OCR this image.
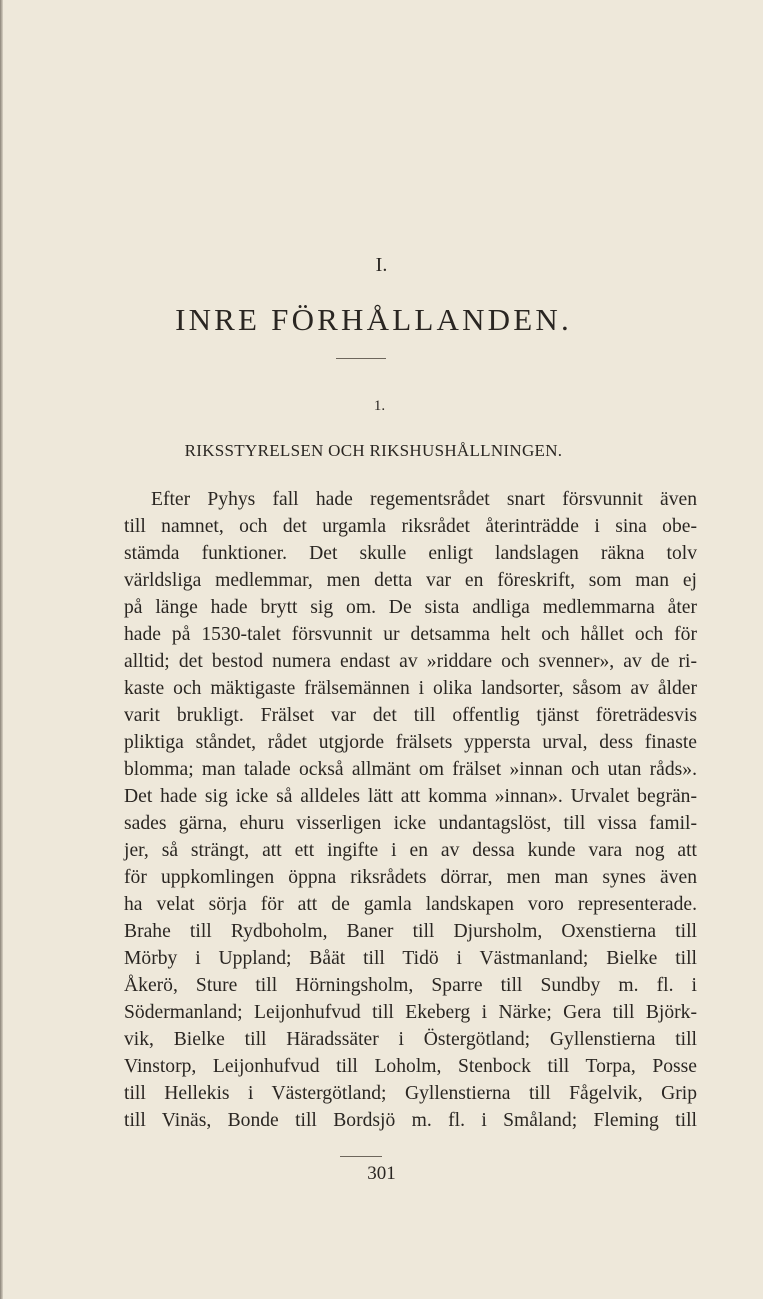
I.
INRE FÖRHÅLLANDEN.
1.
RIKSSTYRELSEN OCH RIKSHUSHÅLLNINGEN.
Efter Pyhys fall hade regementsrådet snart försvunnit även
till namnet, och det urgamla riksrådet återinträdde i sina obe-
stämda funktioner. Det skulle enligt landslagen räkna tolv
världsliga medlemmar, men detta var en föreskrift, som man ej
på länge hade brytt sig om. De sista andliga medlemmarna åter
hade på 1530-talet försvunnit ur detsamma helt och hållet och för
alltid; det bestod numera endast av »riddare och svenner», av de ri-
kaste och mäktigaste frälsemännen i olika landsorter, såsom av ålder
varit brukligt. Frälset var det till offentlig tjänst företrädesvis
pliktiga ståndet, rådet utgjorde frälsets yppersta urval, dess finaste
blomma; man talade också allmänt om frälset »innan och utan råds».
Det hade sig icke så alldeles lätt att komma »innan». Urvalet begrän-
sades gärna, ehuru visserligen icke undantagslöst, till vissa famil-
jer, så strängt, att ett ingifte i en av dessa kunde vara nog att
för uppkomlingen öppna riksrådets dörrar, men man synes även
ha velat sörja för att de gamla landskapen voro representerade.
Brahe till Rydboholm, Baner till Djursholm, Oxenstierna till
Mörby i Uppland; Båät till Tidö i Västmanland; Bielke till
Åkerö, Sture till Hörningsholm, Sparre till Sundby m. fl. i
Södermanland; Leijonhufvud till Ekeberg i Närke; Gera till Björk-
vik, Bielke till Häradssäter i Östergötland; Gyllenstierna till
Vinstorp, Leijonhufvud till Loholm, Stenbock till Torpa, Posse
till Hellekis i Västergötland; Gyllenstierna till Fågelvik, Grip
till Vinäs, Bonde till Bordsjö m. fl. i Småland; Fleming till
301
